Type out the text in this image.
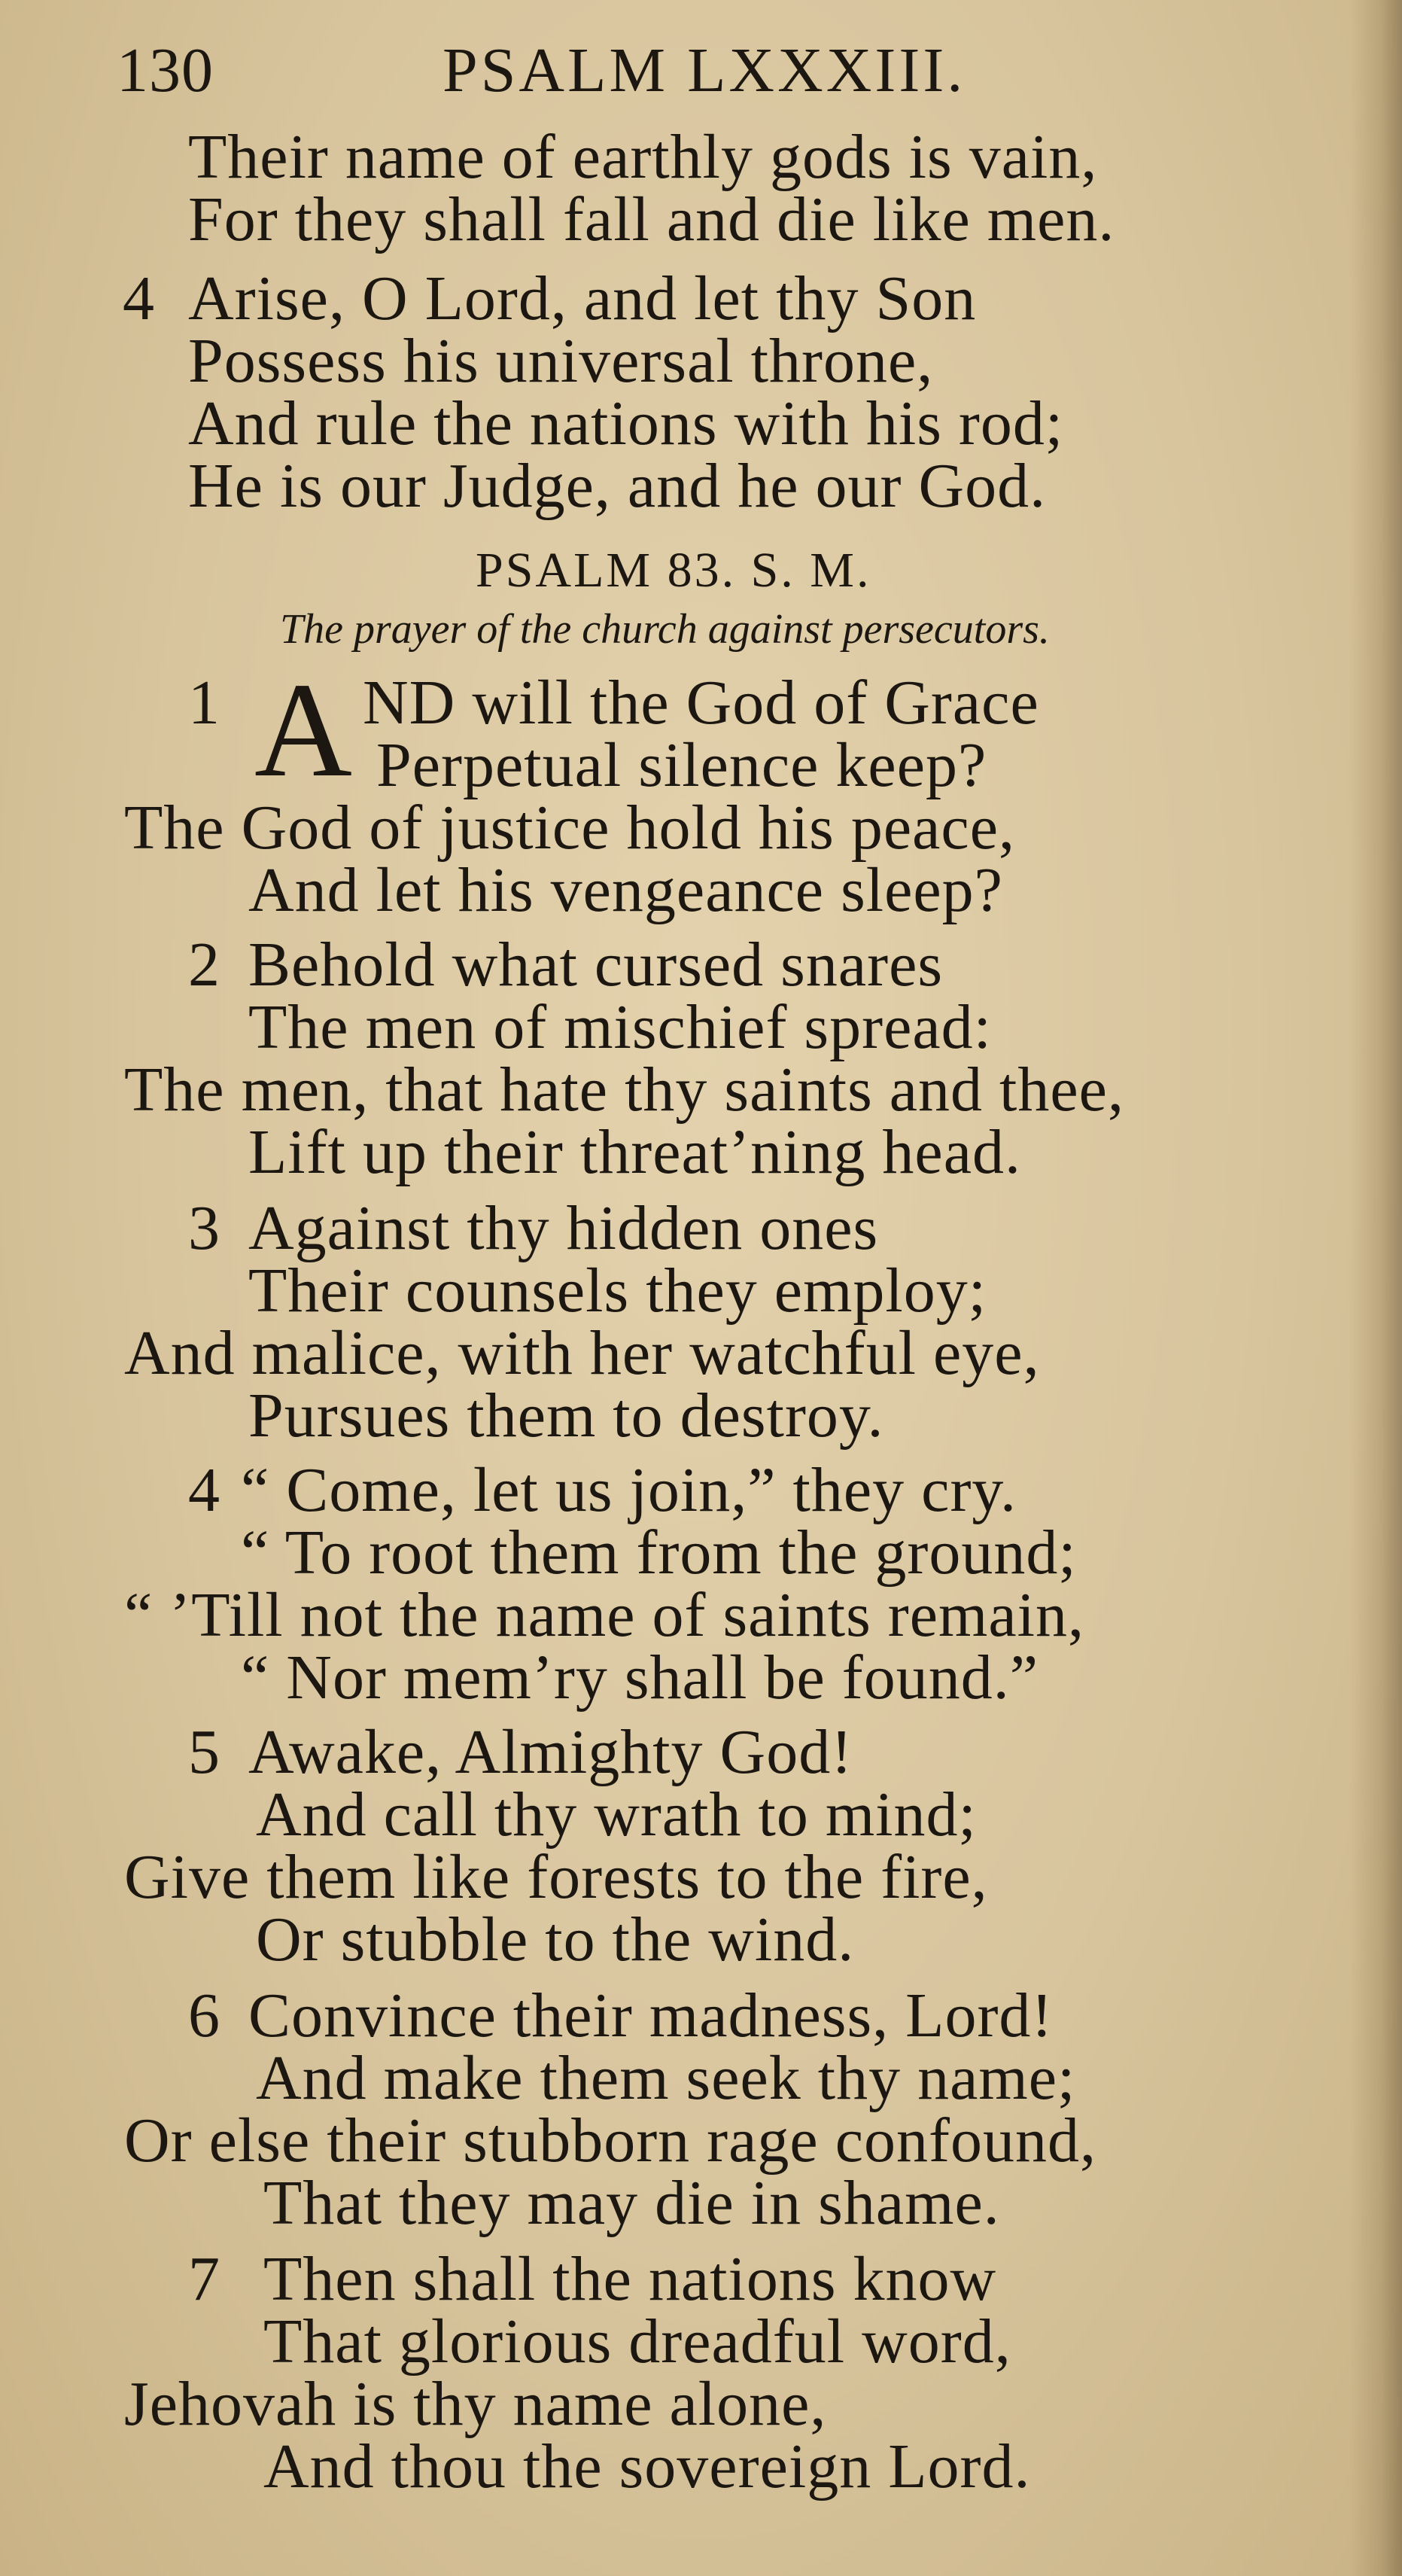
130	PSALM LXXXIII.
Their name of earthly gods is vain,
For they shall fall and die like men.
4 Arise, O Lord, and let thy Son
Possess his universal throne,
And rule the nations with his rod;
He is our Judge, and he our God.
PSALM 83. S. M.
The prayer of the church against persecutors.
1 A ND will the God of Grace
Perpetual silence keep?
The God of justice hold his peace,
And let his vengeance sleep?
2 Behold what cursed snares
The men of mischief spread:
The men, that hate thy saints and thee,
Lift up their threat’ning head.
3 Against thy hidden ones
Their counsels they employ;
And malice, with her watchful eye,
Pursues them to destroy.
4 “ Come, let us join,” they cry.
“ To root them from the ground;
“ ’Till not the name of saints remain,
“ Nor mem’ry shall be found.”
5 Awake, Almighty God!
And call thy wrath to mind;
Give them like forests to the fire,
Or stubble to the wind.
6 Convince their madness, Lord!
And make them seek thy name;
Or else their stubborn rage confound,
That they may die in shame.
7 Then shall the nations know
That glorious dreadful word,
Jehovah is thy name alone,
And thou the sovereign Lord.
